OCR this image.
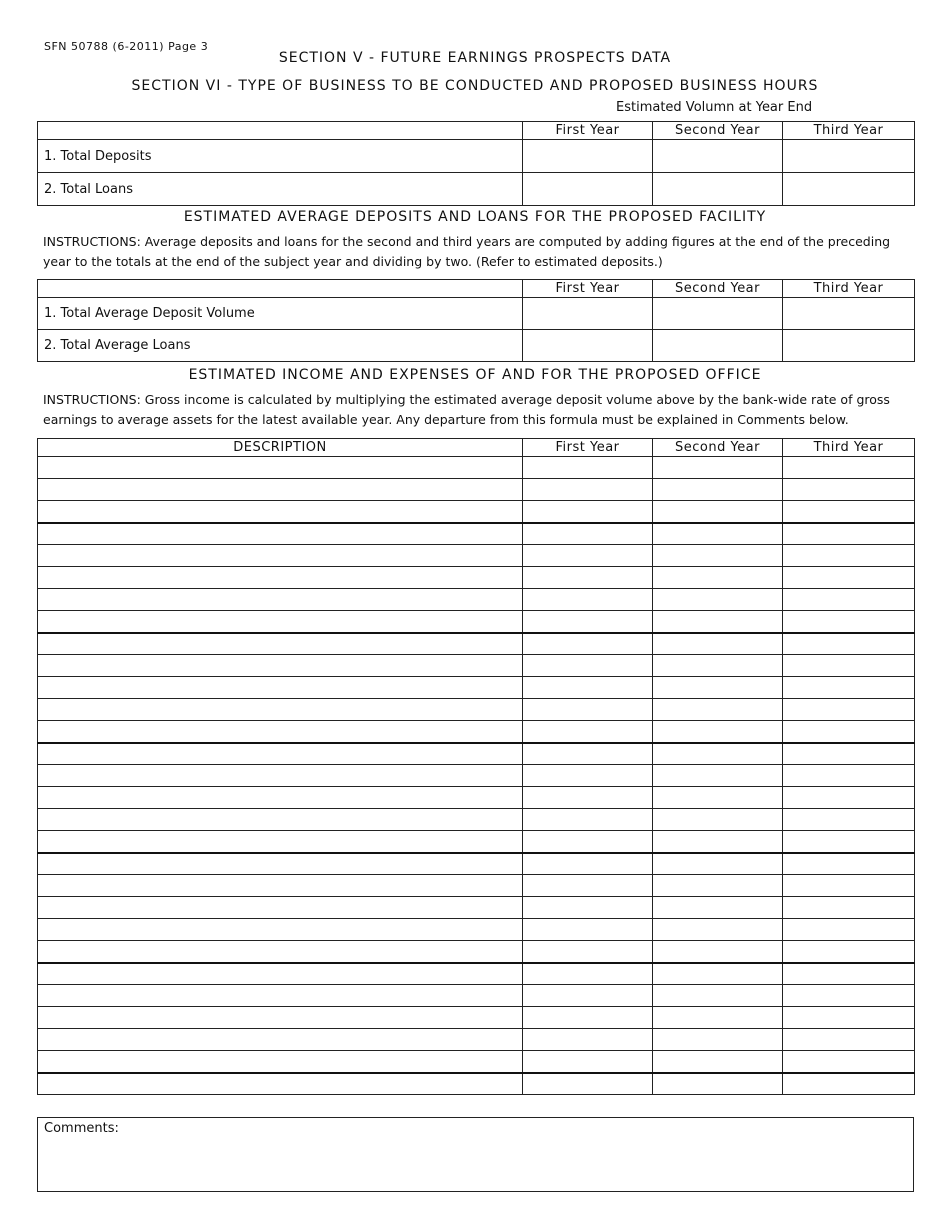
SFN 50788 (6-2011) Page 3
SECTION V - FUTURE EARNINGS PROSPECTS DATA
SECTION VI - TYPE OF BUSINESS TO BE CONDUCTED AND PROPOSED BUSINESS HOURS
Estimated Volumn at Year End
	First Year	Second Year	Third Year
1. Total Deposits			
2. Total Loans			
ESTIMATED AVERAGE DEPOSITS AND LOANS FOR THE PROPOSED FACILITY
INSTRUCTIONS: Average deposits and loans for the second and third years are computed by adding figures at the end of the preceding year to the totals at the end of the subject year and dividing by two. (Refer to estimated deposits.)
	First Year	Second Year	Third Year
1. Total Average Deposit Volume			
2. Total Average Loans			
ESTIMATED INCOME AND EXPENSES OF AND FOR THE PROPOSED OFFICE
INSTRUCTIONS: Gross income is calculated by multiplying the estimated average deposit volume above by the bank-wide rate of gross earnings to average assets for the latest available year. Any departure from this formula must be explained in Comments below.
DESCRIPTION	First Year	Second Year	Third Year

Comments:
